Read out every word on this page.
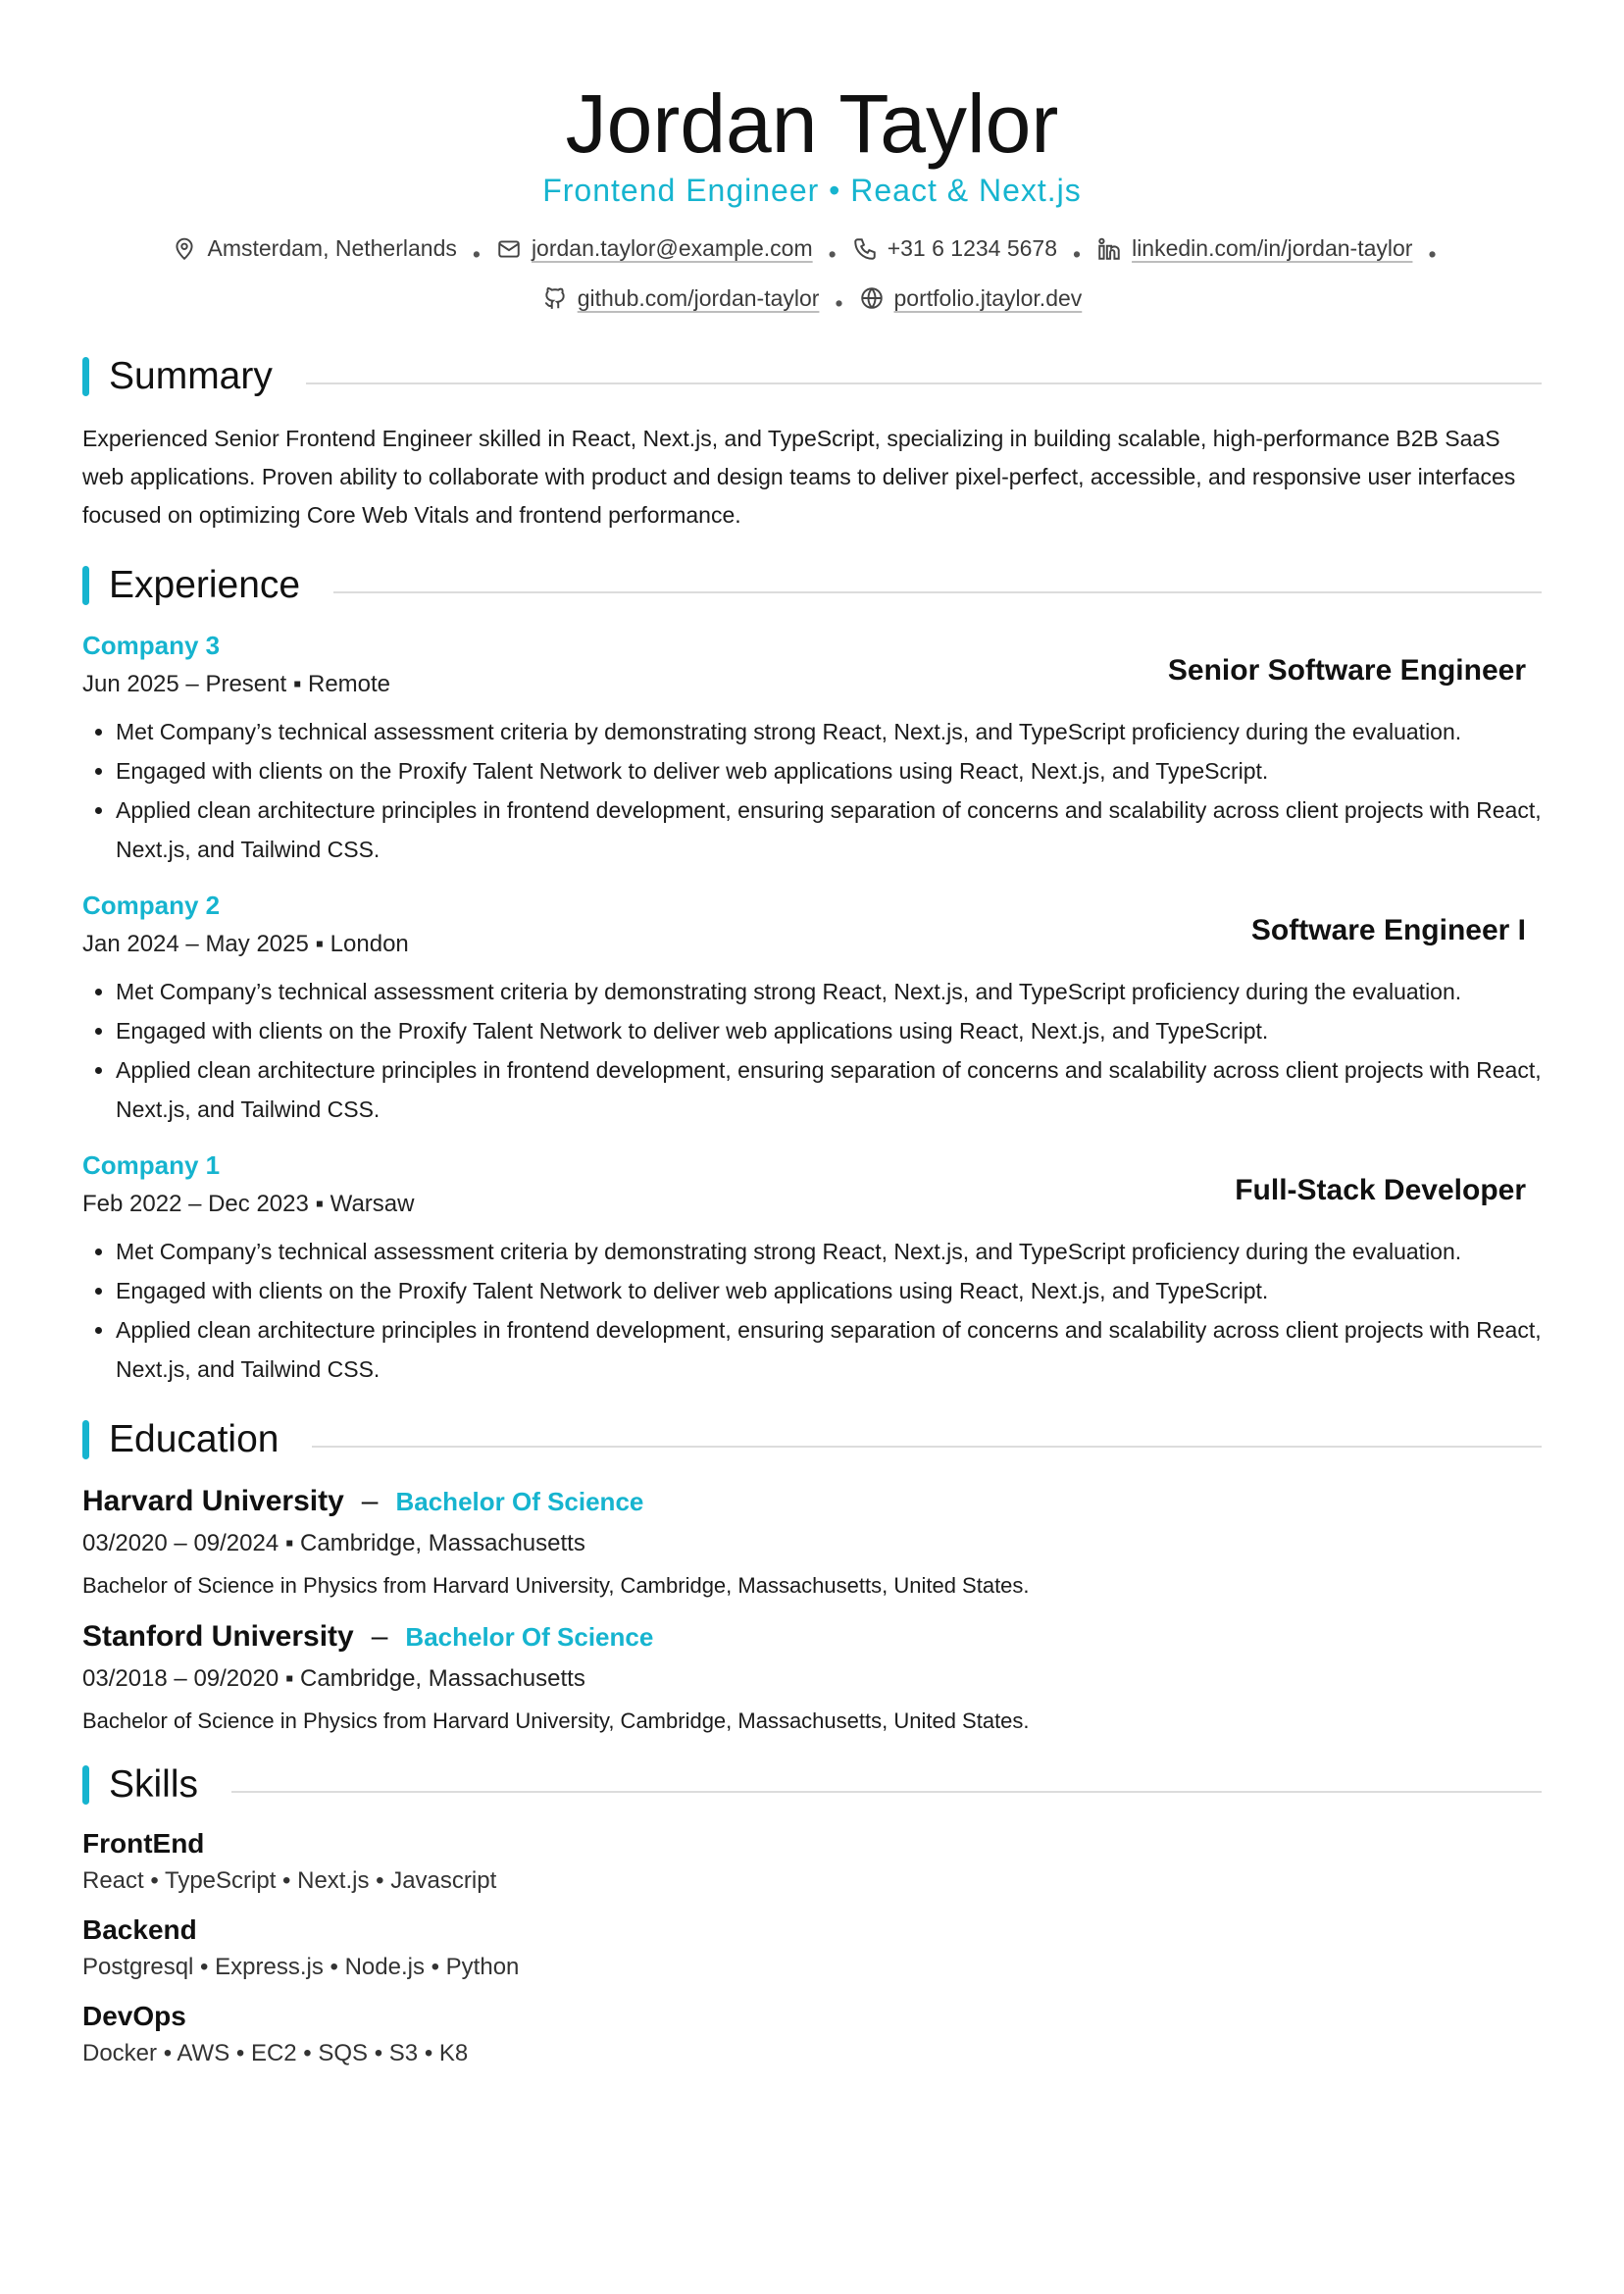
Jordan Taylor
Frontend Engineer • React & Next.js
Amsterdam, Netherlands • jordan.taylor@example.com • +31 6 1234 5678 • linkedin.com/in/jordan-taylor •

github.com/jordan-taylor • portfolio.jtaylor.dev
Summary
Experienced Senior Frontend Engineer skilled in React, Next.js, and TypeScript, specializing in building scalable, high-performance B2B SaaS web applications. Proven ability to collaborate with product and design teams to deliver pixel-perfect, accessible, and responsive user interfaces focused on optimizing Core Web Vitals and frontend performance.
Experience
Company 3
Jun 2025 – Present ▪ Remote	Senior Software Engineer
• Met Company’s technical assessment criteria by demonstrating strong React, Next.js, and TypeScript proficiency during the evaluation.
• Engaged with clients on the Proxify Talent Network to deliver web applications using React, Next.js, and TypeScript.
• Applied clean architecture principles in frontend development, ensuring separation of concerns and scalability across client projects with React, Next.js, and Tailwind CSS.
Company 2
Jan 2024 – May 2025 ▪ London	Software Engineer I
• Met Company’s technical assessment criteria by demonstrating strong React, Next.js, and TypeScript proficiency during the evaluation.
• Engaged with clients on the Proxify Talent Network to deliver web applications using React, Next.js, and TypeScript.
• Applied clean architecture principles in frontend development, ensuring separation of concerns and scalability across client projects with React, Next.js, and Tailwind CSS.
Company 1
Feb 2022 – Dec 2023 ▪ Warsaw	Full-Stack Developer
• Met Company’s technical assessment criteria by demonstrating strong React, Next.js, and TypeScript proficiency during the evaluation.
• Engaged with clients on the Proxify Talent Network to deliver web applications using React, Next.js, and TypeScript.
• Applied clean architecture principles in frontend development, ensuring separation of concerns and scalability across client projects with React, Next.js, and Tailwind CSS.
Education
Harvard University – Bachelor Of Science
03/2020 – 09/2024 ▪ Cambridge, Massachusetts
Bachelor of Science in Physics from Harvard University, Cambridge, Massachusetts, United States.
Stanford University – Bachelor Of Science
03/2018 – 09/2020 ▪ Cambridge, Massachusetts
Bachelor of Science in Physics from Harvard University, Cambridge, Massachusetts, United States.
Skills
FrontEnd
React • TypeScript • Next.js • Javascript
Backend
Postgresql • Express.js • Node.js • Python
DevOps
Docker • AWS • EC2 • SQS • S3 • K8
